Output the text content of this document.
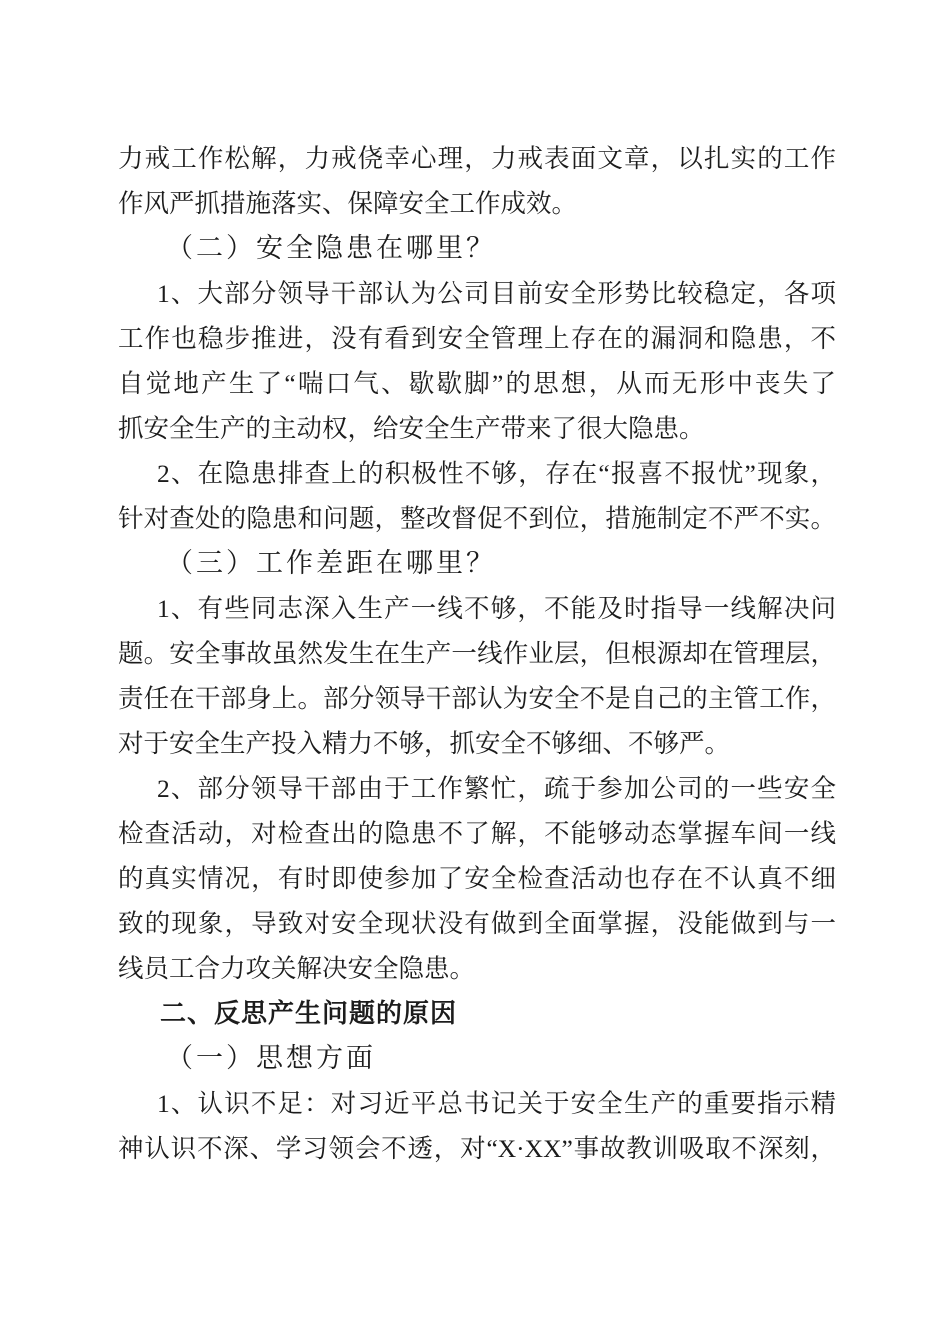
力戒工作松解，力戒侥幸心理，力戒表面文章，以扎实的工作
作风严抓措施落实、保障安全工作成效。
（二）安全隐患在哪里？
1、大部分领导干部认为公司目前安全形势比较稳定，各项
工作也稳步推进，没有看到安全管理上存在的漏洞和隐患，不
自觉地产生了“喘口气、歇歇脚”的思想，从而无形中丧失了
抓安全生产的主动权，给安全生产带来了很大隐患。
2、在隐患排查上的积极性不够，存在“报喜不报忧”现象，
针对查处的隐患和问题，整改督促不到位，措施制定不严不实。
（三）工作差距在哪里？
1、有些同志深入生产一线不够，不能及时指导一线解决问
题。安全事故虽然发生在生产一线作业层，但根源却在管理层，
责任在干部身上。部分领导干部认为安全不是自己的主管工作，
对于安全生产投入精力不够，抓安全不够细、不够严。
2、部分领导干部由于工作繁忙，疏于参加公司的一些安全
检查活动，对检查出的隐患不了解，不能够动态掌握车间一线
的真实情况，有时即使参加了安全检查活动也存在不认真不细
致的现象，导致对安全现状没有做到全面掌握，没能做到与一
线员工合力攻关解决安全隐患。
二、反思产生问题的原因
（一）思想方面
1、认识不足：对习近平总书记关于安全生产的重要指示精
神认识不深、学习领会不透，对“X·XX”事故教训吸取不深刻，
